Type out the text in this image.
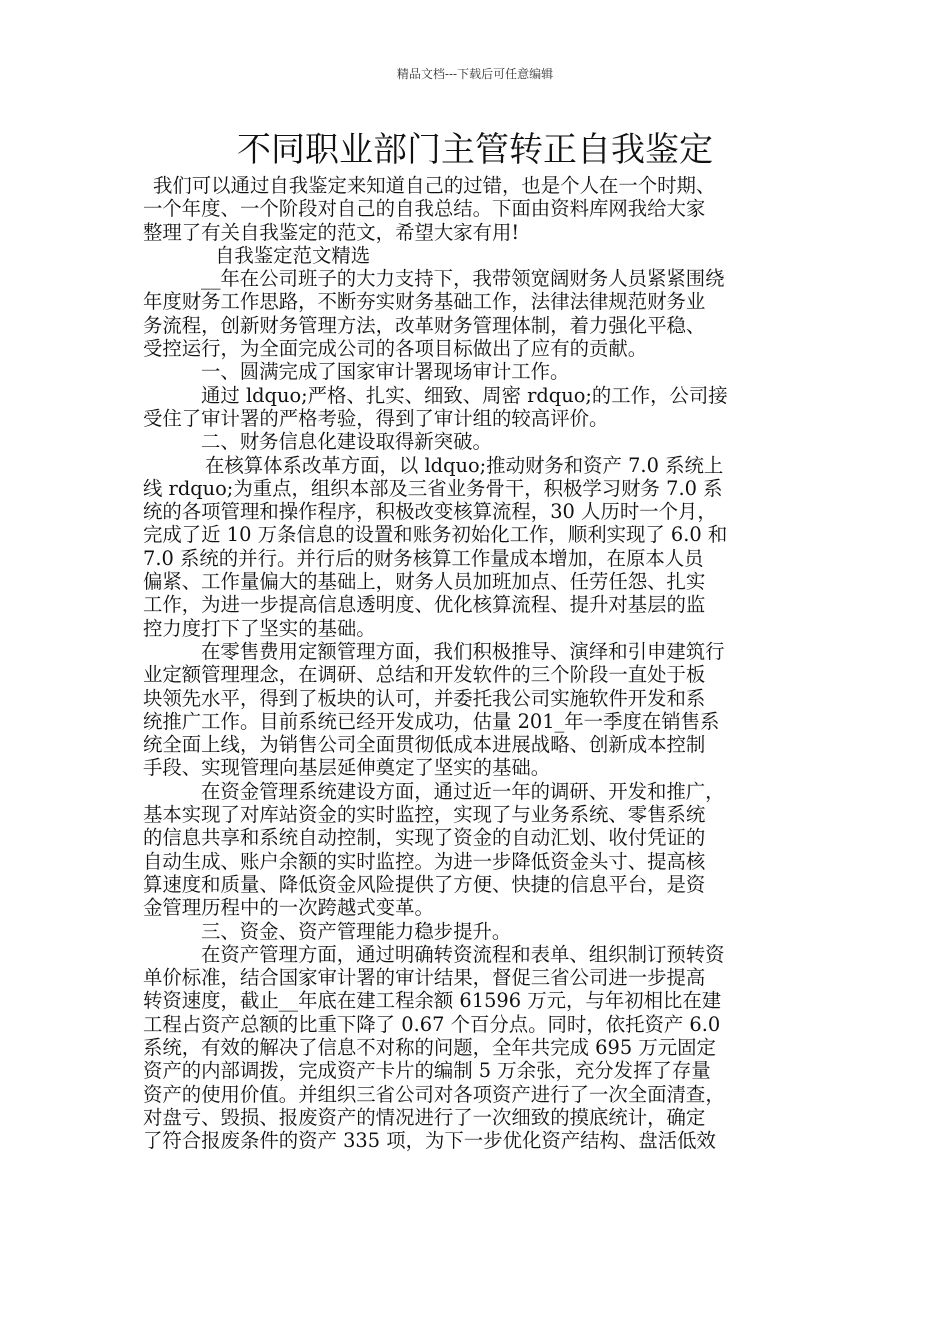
精品文档---下载后可任意编辑
不同职业部门主管转正自我鉴定
我们可以通过自我鉴定来知道自己的过错，也是个人在一个时期、
一个年度、一个阶段对自己的自我总结。下面由资料库网我给大家
整理了有关自我鉴定的范文，希望大家有用!
自我鉴定范文精选
__年在公司班子的大力支持下，我带领宽阔财务人员紧紧围绕
年度财务工作思路，不断夯实财务基础工作，法律法律规范财务业
务流程，创新财务管理方法，改革财务管理体制，着力强化平稳、
受控运行，为全面完成公司的各项目标做出了应有的贡献。
一、圆满完成了国家审计署现场审计工作。
通过 ldquo;严格、扎实、细致、周密 rdquo;的工作，公司接
受住了审计署的严格考验，得到了审计组的较高评价。
二、财务信息化建设取得新突破。
在核算体系改革方面，以 ldquo;推动财务和资产 7.0 系统上
线 rdquo;为重点，组织本部及三省业务骨干，积极学习财务 7.0 系
统的各项管理和操作程序，积极改变核算流程，30 人历时一个月，
完成了近 10 万条信息的设置和账务初始化工作，顺利实现了 6.0 和
7.0 系统的并行。并行后的财务核算工作量成本增加，在原本人员
偏紧、工作量偏大的基础上，财务人员加班加点、任劳任怨、扎实
工作，为进一步提高信息透明度、优化核算流程、提升对基层的监
控力度打下了坚实的基础。
在零售费用定额管理方面，我们积极推导、演绎和引申建筑行
业定额管理理念，在调研、总结和开发软件的三个阶段一直处于板
块领先水平，得到了板块的认可，并委托我公司实施软件开发和系
统推广工作。目前系统已经开发成功，估量 201_年一季度在销售系
统全面上线，为销售公司全面贯彻低成本进展战略、创新成本控制
手段、实现管理向基层延伸奠定了坚实的基础。
在资金管理系统建设方面，通过近一年的调研、开发和推广，
基本实现了对库站资金的实时监控，实现了与业务系统、零售系统
的信息共享和系统自动控制，实现了资金的自动汇划、收付凭证的
自动生成、账户余额的实时监控。为进一步降低资金头寸、提高核
算速度和质量、降低资金风险提供了方便、快捷的信息平台，是资
金管理历程中的一次跨越式变革。
三、资金、资产管理能力稳步提升。
在资产管理方面，通过明确转资流程和表单、组织制订预转资
单价标准，结合国家审计署的审计结果，督促三省公司进一步提高
转资速度，截止__年底在建工程余额 61596 万元，与年初相比在建
工程占资产总额的比重下降了 0.67 个百分点。同时，依托资产 6.0
系统，有效的解决了信息不对称的问题，全年共完成 695 万元固定
资产的内部调拨，完成资产卡片的编制 5 万余张，充分发挥了存量
资产的使用价值。并组织三省公司对各项资产进行了一次全面清查，
对盘亏、毁损、报废资产的情况进行了一次细致的摸底统计，确定
了符合报废条件的资产 335 项，为下一步优化资产结构、盘活低效
